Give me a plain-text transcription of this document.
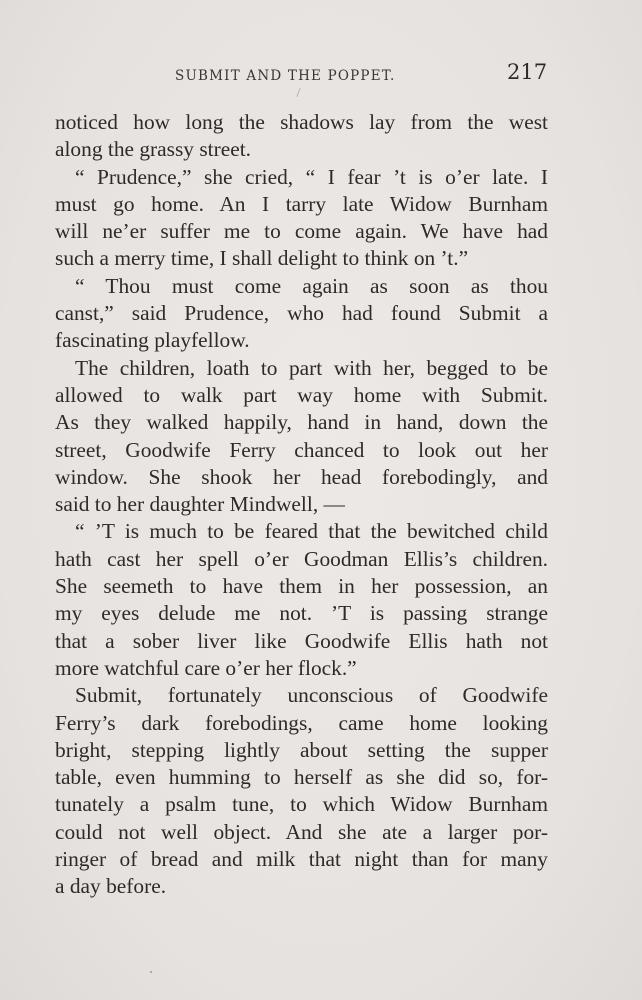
SUBMIT AND THE POPPET.	217
noticed how long the shadows lay from the west
along the grassy street.
“ Prudence,” she cried, “ I fear ’t is o’er late. I
must go home. An I tarry late Widow Burnham
will ne’er suffer me to come again. We have had
such a merry time, I shall delight to think on ’t.”
“ Thou must come again as soon as thou
canst,” said Prudence, who had found Submit a
fascinating playfellow.
The children, loath to part with her, begged to be
allowed to walk part way home with Submit.
As they walked happily, hand in hand, down the
street, Goodwife Ferry chanced to look out her
window. She shook her head forebodingly, and
said to her daughter Mindwell, —
“ ’T is much to be feared that the bewitched child
hath cast her spell o’er Goodman Ellis’s children.
She seemeth to have them in her possession, an
my eyes delude me not. ’T is passing strange
that a sober liver like Goodwife Ellis hath not
more watchful care o’er her flock.”
Submit, fortunately unconscious of Goodwife
Ferry’s dark forebodings, came home looking
bright, stepping lightly about setting the supper
table, even humming to herself as she did so, for-
tunately a psalm tune, to which Widow Burnham
could not well object. And she ate a larger por-
ringer of bread and milk that night than for many
a day before.
